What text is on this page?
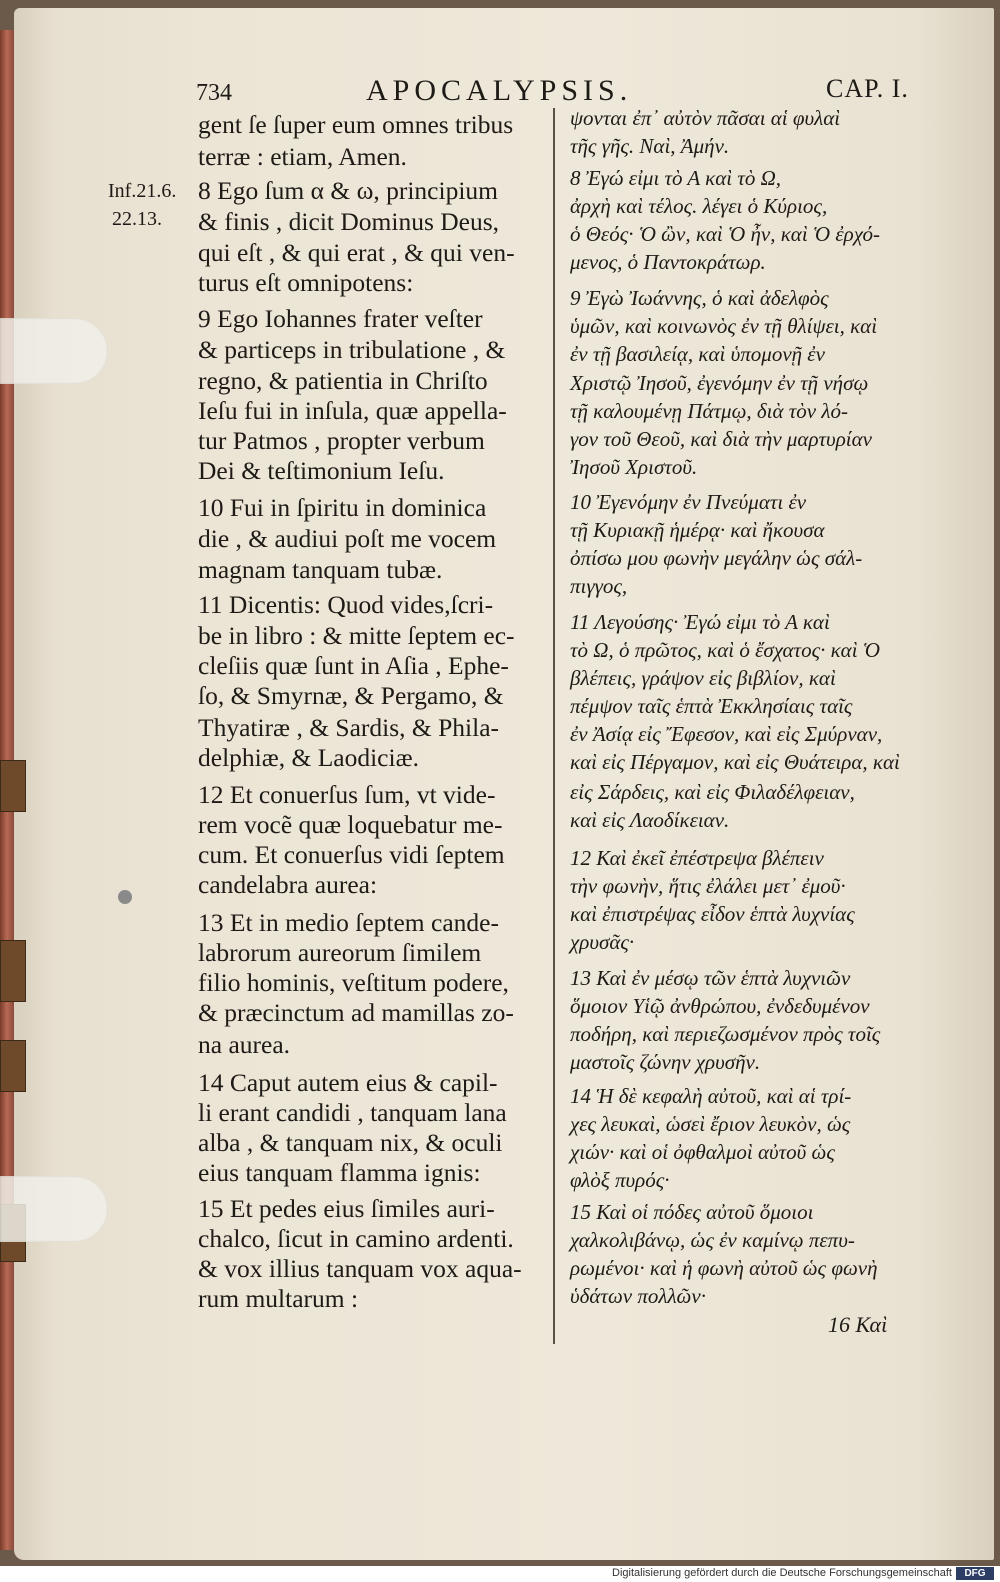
734	APOCALYPSIS.	CAP. I.
Inf.21.6.
22.13.
gent ſe ſuper eum omnes tribus
terræ : etiam, Amen.
8 Ego ſum α & ω, principium
& finis , dicit Dominus Deus,
qui eſt , & qui erat , & qui ven-
turus eſt omnipotens:
9 Ego Iohannes frater veſter
& particeps in tribulatione , &
regno, & patientia in Chriſto
Ieſu fui in inſula, quæ appella-
tur Patmos , propter verbum
Dei & teſtimonium Ieſu.
10 Fui in ſpiritu in dominica
die , & audiui poſt me vocem
magnam tanquam tubæ.
11 Dicentis: Quod vides,ſcri-
be in libro : & mitte ſeptem ec-
cleſiis quæ ſunt in Aſia , Ephe-
ſo, & Smyrnæ, & Pergamo, &
Thyatiræ , & Sardis, & Phila-
delphiæ, & Laodiciæ.
12 Et conuerſus ſum, vt vide-
rem vocẽ quæ loquebatur me-
cum. Et conuerſus vidi ſeptem
candelabra aurea:
13 Et in medio ſeptem cande-
labrorum aureorum ſimilem
filio hominis, veſtitum podere,
& præcinctum ad mamillas zo-
na aurea.
14 Caput autem eius & capil-
li erant candidi , tanquam lana
alba , & tanquam nix, & oculi
eius tanquam flamma ignis:
15 Et pedes eius ſimiles auri-
chalco, ſicut in camino ardenti.
& vox illius tanquam vox aqua-
rum multarum :
ψονται ἐπ᾽ αὐτὸν πᾶσαι αἱ φυλαὶ
τῆς γῆς. Ναὶ, Ἀμήν.
8 Ἐγώ εἰμι τὸ Α καὶ τὸ Ω,
ἀρχὴ καὶ τέλος. λέγει ὁ Κύριος,
ὁ Θεός· Ὁ ὢν, καὶ Ὁ ἦν, καὶ Ὁ ἐρχό-
μενος, ὁ Παντοκράτωρ.
9 Ἐγὼ Ἰωάννης, ὁ καὶ ἀδελφὸς
ὑμῶν, καὶ κοινωνὸς ἐν τῇ θλίψει, καὶ
ἐν τῇ βασιλείᾳ, καὶ ὑπομονῇ ἐν
Χριστῷ Ἰησοῦ, ἐγενόμην ἐν τῇ νήσῳ
τῇ καλουμένῃ Πάτμῳ, διὰ τὸν λό-
γον τοῦ Θεοῦ, καὶ διὰ τὴν μαρτυρίαν
Ἰησοῦ Χριστοῦ.
10 Ἐγενόμην ἐν Πνεύματι ἐν
τῇ Κυριακῇ ἡμέρᾳ· καὶ ἤκουσα
ὀπίσω μου φωνὴν μεγάλην ὡς σάλ-
πιγγος,
11 Λεγούσης· Ἐγώ εἰμι τὸ Α καὶ
τὸ Ω, ὁ πρῶτος, καὶ ὁ ἔσχατος· καὶ Ὁ
βλέπεις, γράψον εἰς βιβλίον, καὶ
πέμψον ταῖς ἑπτὰ Ἐκκλησίαις ταῖς
ἐν Ἀσίᾳ εἰς Ἔφεσον, καὶ εἰς Σμύρναν,
καὶ εἰς Πέργαμον, καὶ εἰς Θυάτειρα, καὶ
εἰς Σάρδεις, καὶ εἰς Φιλαδέλφειαν,
καὶ εἰς Λαοδίκειαν.
12 Καὶ ἐκεῖ ἐπέστρεψα βλέπειν
τὴν φωνὴν, ἥτις ἐλάλει μετ᾽ ἐμοῦ·
καὶ ἐπιστρέψας εἶδον ἑπτὰ λυχνίας
χρυσᾶς·
13 Καὶ ἐν μέσῳ τῶν ἑπτὰ λυχνιῶν
ὅμοιον Υἱῷ ἀνθρώπου, ἐνδεδυμένον
ποδήρη, καὶ περιεζωσμένον πρὸς τοῖς
μαστοῖς ζώνην χρυσῆν.
14 Ἡ δὲ κεφαλὴ αὐτοῦ, καὶ αἱ τρί-
χες λευκαὶ, ὡσεὶ ἔριον λευκὸν, ὡς
χιών· καὶ οἱ ὀφθαλμοὶ αὐτοῦ ὡς
φλὸξ πυρός·
15 Καὶ οἱ πόδες αὐτοῦ ὅμοιοι
χαλκολιβάνῳ, ὡς ἐν καμίνῳ πεπυ-
ρωμένοι· καὶ ἡ φωνὴ αὐτοῦ ὡς φωνὴ
ὑδάτων πολλῶν·
16 Καὶ
Digitalisierung gefördert durch die Deutsche Forschungsgemeinschaft	DFG
